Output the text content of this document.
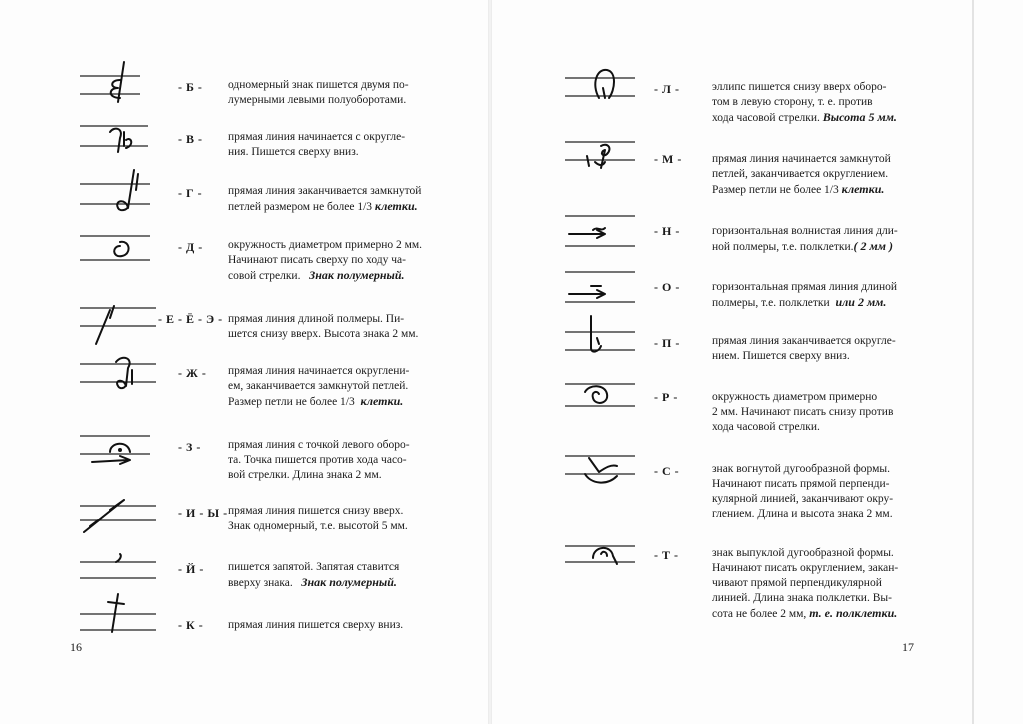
- Б - одномерный знак пишется двумя по-
лумерными левыми полуоборотами.
- В - прямая линия начинается с округле-
ния. Пишется сверху вниз.
- Г - прямая линия заканчивается замкнутой
петлей размером не более 1/3 клетки.
- Д - окружность диаметром примерно 2 мм.
Начинают писать сверху по ходу ча-
совой стрелки. Знак полумерный.
- Е - Ё - Э - прямая линия длиной полмеры. Пи-
шется снизу вверх. Высота знака 2 мм.
- Ж - прямая линия начинается округлени-
ем, заканчивается замкнутой петлей.
Размер петли не более 1/3 клетки.
- З - прямая линия с точкой левого оборо-
та. Точка пишется против хода часо-
вой стрелки. Длина знака 2 мм.
- И - Ы - прямая линия пишется снизу вверх.
Знак одномерный, т.е. высотой 5 мм.
- Й - пишется запятой. Запятая ставится
вверху знака. Знак полумерный.
- К - прямая линия пишется сверху вниз.
16
- Л -	эллипс пишется снизу вверх оборо-
том в левую сторону, т. е. против
хода часовой стрелки. Высота 5 мм.
- М -	прямая линия начинается замкнутой
петлей, заканчивается округлением.
Размер петли не более 1/3 клетки.
- Н -	горизонтальная волнистая линия дли-
ной полмеры, т.е. полклетки.( 2 мм )
- О -	горизонтальная прямая линия длиной
полмеры, т.е. полклетки или 2 мм.
- П -	прямая линия заканчивается округле-
нием. Пишется сверху вниз.
- Р -	окружность диаметром примерно
2 мм. Начинают писать снизу против
хода часовой стрелки.
- С -	знак вогнутой дугообразной формы.
Начинают писать прямой перпенди-
кулярной линией, заканчивают окру-
глением. Длина и высота знака 2 мм.
- Т -	знак выпуклой дугообразной формы.
Начинают писать округлением, закан-
чивают прямой перпендикулярной
линией. Длина знака полклетки. Вы-
сота не более 2 мм, т. е. полклетки.
17
